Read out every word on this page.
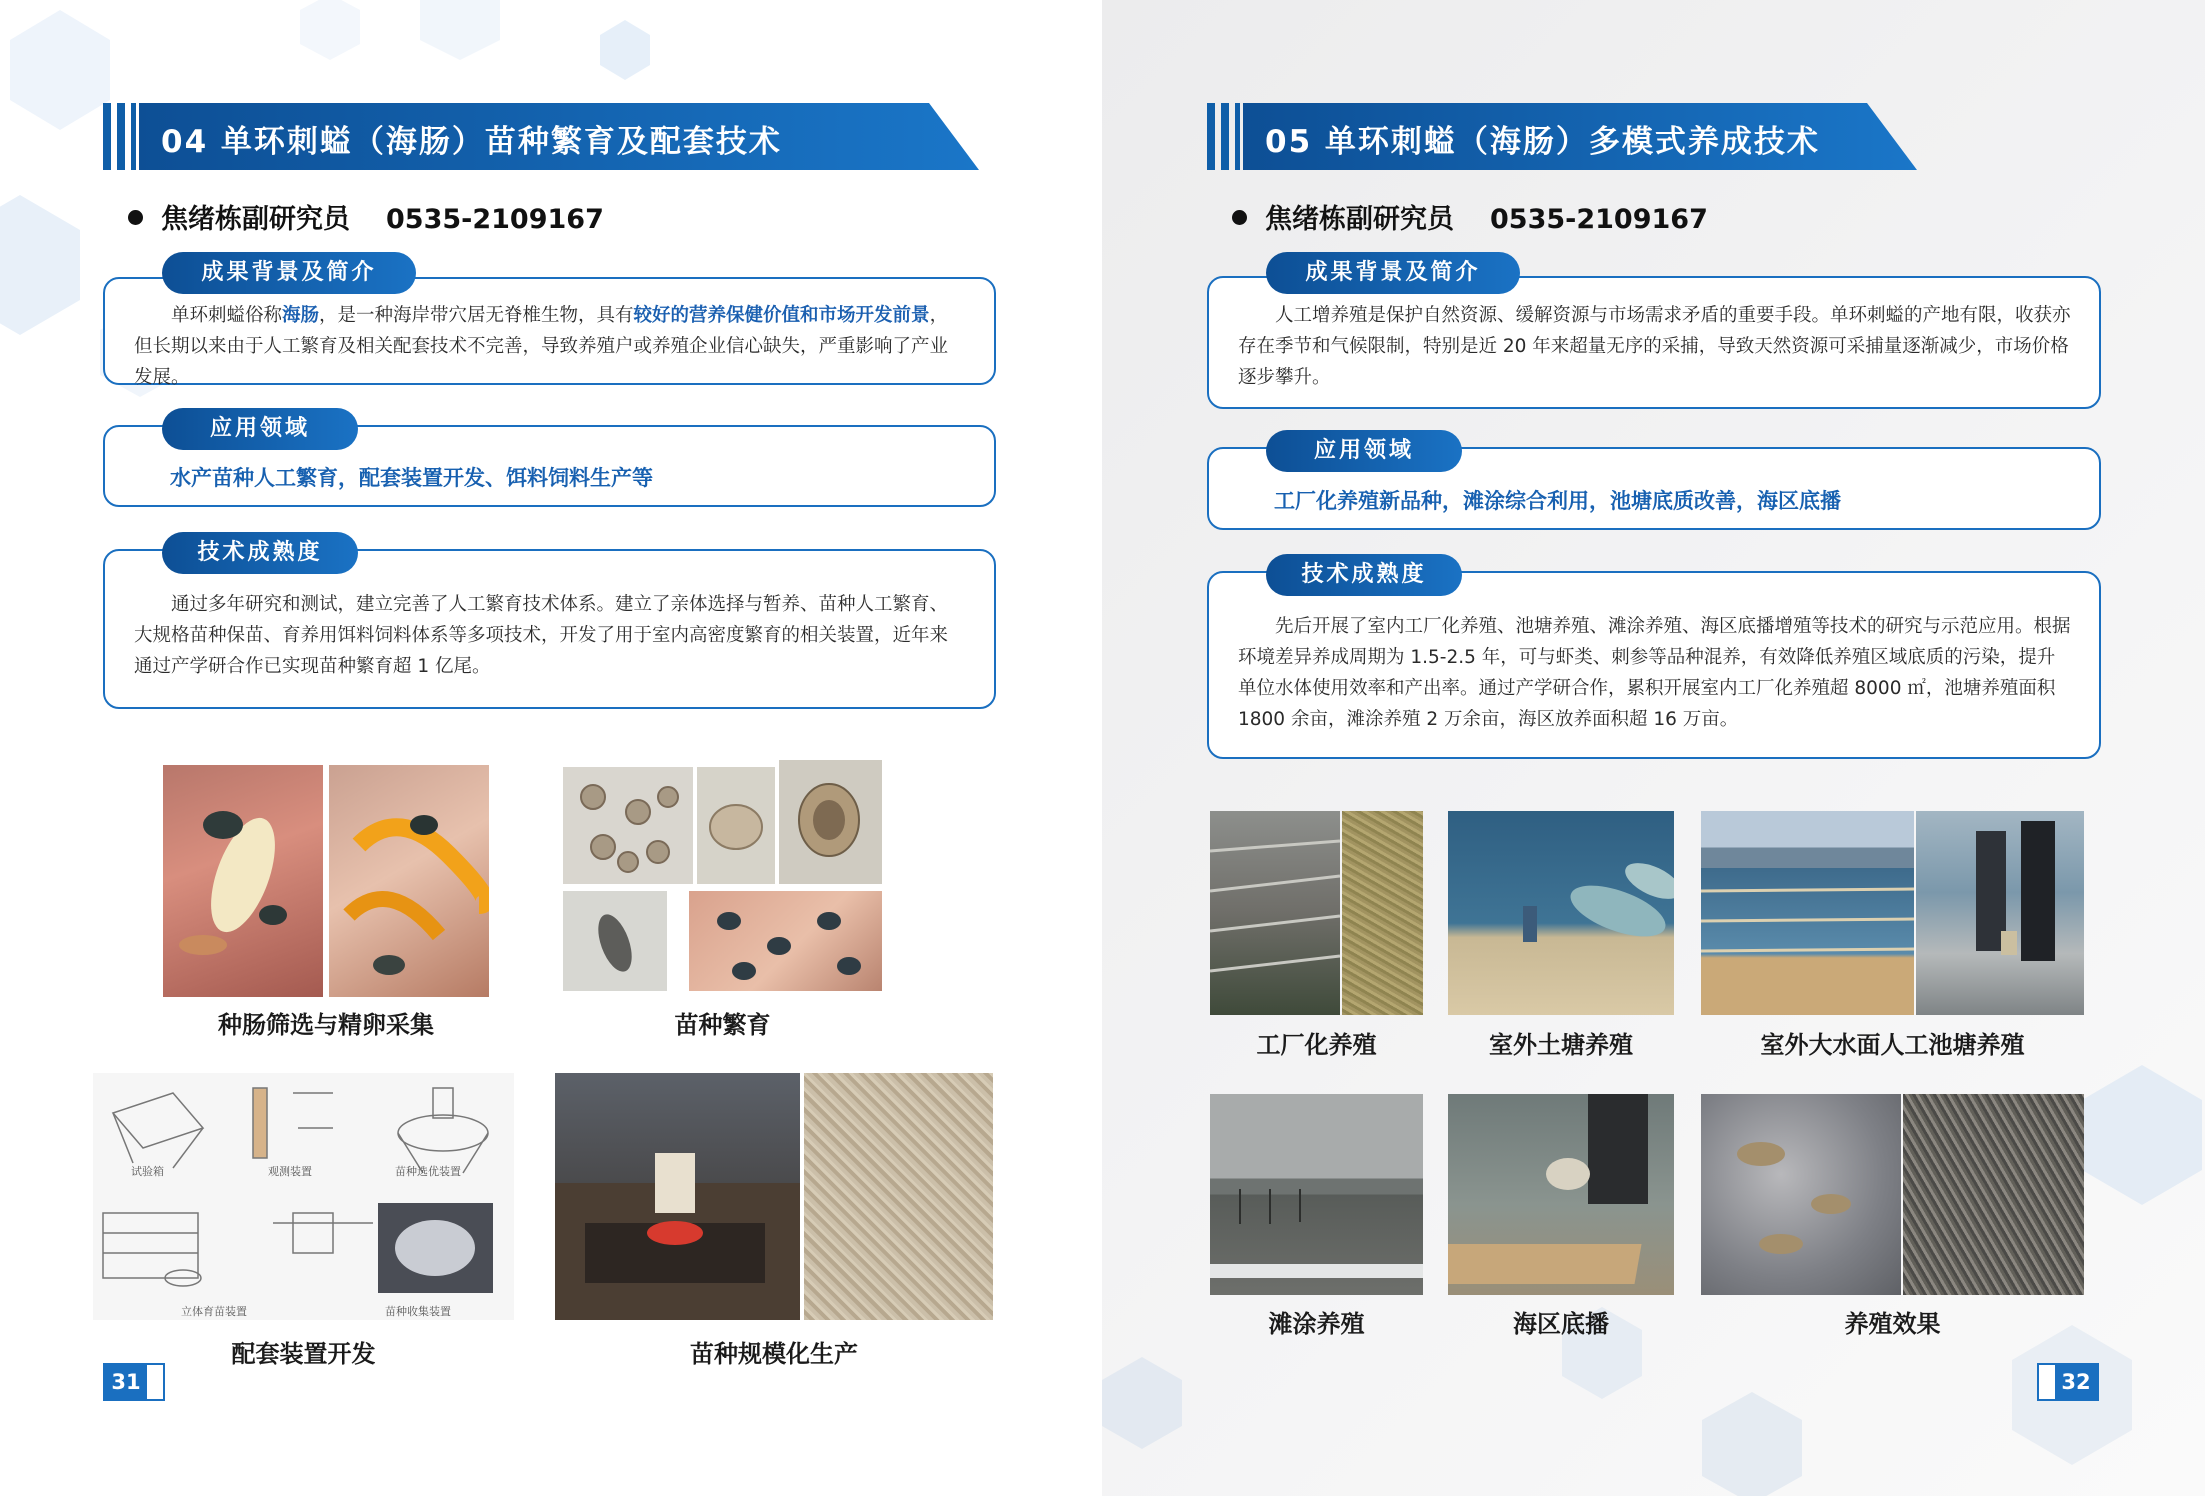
04 单环刺螠（海肠）苗种繁育及配套技术
焦绪栋副研究员 0535-2109167
成果背景及简介
单环刺螠俗称海肠，是一种海岸带穴居无脊椎生物，具有较好的营养保健价值和市场开发前景，但长期以来由于人工繁育及相关配套技术不完善，导致养殖户或养殖企业信心缺失，严重影响了产业发展。
应用领域
水产苗种人工繁育，配套装置开发、饵料饲料生产等
技术成熟度
通过多年研究和测试，建立完善了人工繁育技术体系。建立了亲体选择与暂养、苗种人工繁育、大规格苗种保苗、育养用饵料饲料体系等多项技术，开发了用于室内高密度繁育的相关装置，近年来通过产学研合作已实现苗种繁育超 1 亿尾。
种肠筛选与精卵采集	苗种繁育
试验箱	观测装置	苗种选优装置
立体育苗装置	苗种收集装置
配套装置开发	苗种规模化生产
31
05 单环刺螠（海肠）多模式养成技术
焦绪栋副研究员 0535-2109167
成果背景及简介
人工增养殖是保护自然资源、缓解资源与市场需求矛盾的重要手段。单环刺螠的产地有限，收获亦存在季节和气候限制，特别是近 20 年来超量无序的采捕，导致天然资源可采捕量逐渐减少，市场价格逐步攀升。
应用领域
工厂化养殖新品种，滩涂综合利用，池塘底质改善，海区底播
技术成熟度
先后开展了室内工厂化养殖、池塘养殖、滩涂养殖、海区底播增殖等技术的研究与示范应用。根据环境差异养成周期为 1.5-2.5 年，可与虾类、刺参等品种混养，有效降低养殖区域底质的污染，提升单位水体使用效率和产出率。通过产学研合作，累积开展室内工厂化养殖超 8000 ㎡，池塘养殖面积 1800 余亩，滩涂养殖 2 万余亩，海区放养面积超 16 万亩。
工厂化养殖	室外土塘养殖	室外大水面人工池塘养殖
滩涂养殖	海区底播	养殖效果
32
